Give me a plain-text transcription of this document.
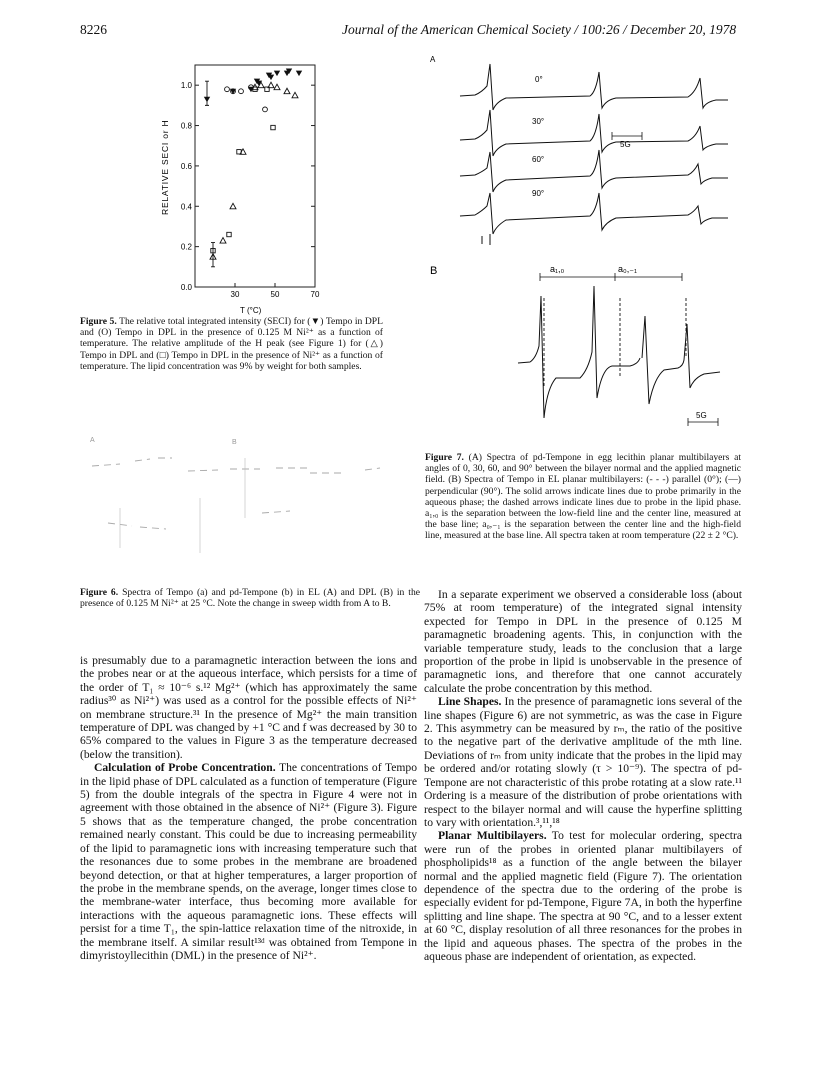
8226	Journal of the American Chemical Society / 100:26 / December 20, 1978
0.0
0.2
0.4
0.6
0.8
1.0
30	50	70
RELATIVE SECI or H
T (°C)
Figure 5. The relative total integrated intensity (SECI) for (▼) Tempo in DPL and (O) Tempo in DPL in the presence of 0.125 M Ni²⁺ as a function of temperature. The relative amplitude of the H peak (see Figure 1) for (△) Tempo in DPL and (□) Tempo in DPL in the presence of Ni²⁺ as a function of temperature. The lipid concentration was 9% by weight for both samples.
A	B
Figure 6. Spectra of Tempo (a) and pd-Tempone (b) in EL (A) and DPL (B) in the presence of 0.125 M Ni²⁺ at 25 °C. Note the change in sweep width from A to B.
A
0°
30°
60°
90°
5G
B	a₁,₀	a₀,₋₁
5G
Figure 7. (A) Spectra of pd-Tempone in egg lecithin planar multibilayers at angles of 0, 30, 60, and 90° between the bilayer normal and the applied magnetic field. (B) Spectra of Tempo in EL planar multibilayers: (- - -) parallel (0°); (—) perpendicular (90°). The solid arrows indicate lines due to probe primarily in the aqueous phase; the dashed arrows indicate lines due to probe in the lipid phase. a₁,₀ is the separation between the low-field line and the center line, measured at the base line; a₀,₋₁ is the separation between the center line and the high-field line, measured at the base line. All spectra taken at room temperature (22 ± 2 °C).

is presumably due to a paramagnetic interaction between the ions and the probes near or at the aqueous interface, which persists for a time of the order of T₁ ≈ 10⁻⁶ s.¹² Mg²⁺ (which has approximately the same radius³⁰ as Ni²⁺) was used as a control for the possible effects of Ni²⁺ on membrane structure.³¹ In the presence of Mg²⁺ the main transition temperature of DPL was changed by +1 °C and f was decreased by 30 to 65% compared to the values in Figure 3 as the temperature decreased (below the transition).

Calculation of Probe Concentration. The concentrations of Tempo in the lipid phase of DPL calculated as a function of temperature (Figure 5) from the double integrals of the spectra in Figure 4 were not in agreement with those obtained in the absence of Ni²⁺ (Figure 3). Figure 5 shows that as the temperature changed, the probe concentration remained nearly constant. This could be due to increasing permeability of the lipid to paramagnetic ions with increasing temperature such that the resonances due to some probes in the membrane are broadened beyond detection, or that at higher temperatures, a larger proportion of the probe in the membrane spends, on the average, longer times close to the membrane-water interface, thus becoming more available for interactions with the aqueous paramagnetic ions. These effects will persist for a time T₁, the spin-lattice relaxation time of the nitroxide, in the membrane itself. A similar result¹³ᵈ was obtained from Tempone in dimyristoyllecithin (DML) in the presence of Ni²⁺.

In a separate experiment we observed a considerable loss (about 75% at room temperature) of the integrated signal intensity expected for Tempo in DPL in the presence of 0.125 M paramagnetic broadening agents. This, in conjunction with the variable temperature study, leads to the conclusion that a large proportion of the probe in lipid is unobservable in the presence of paramagnetic ions, and therefore that one cannot accurately calculate the probe concentration by this method.

Line Shapes. In the presence of paramagnetic ions several of the line shapes (Figure 6) are not symmetric, as was the case in Figure 2. This asymmetry can be measured by rₘ, the ratio of the positive to the negative part of the derivative amplitude of the mth line. Deviations of rₘ from unity indicate that the probes in the lipid may be ordered and/or rotating slowly (τ > 10⁻⁹). The spectra of pd-Tempone are not characteristic of this probe rotating at a slow rate.¹¹ Ordering is a measure of the distribution of probe orientations with respect to the bilayer normal and will cause the hyperfine splitting to vary with orientation.³,¹¹,¹⁸

Planar Multibilayers. To test for molecular ordering, spectra were run of the probes in oriented planar multibilayers of phospholipids¹⁸ as a function of the angle between the bilayer normal and the applied magnetic field (Figure 7). The orientation dependence of the spectra due to the ordering of the probe is especially evident for pd-Tempone, Figure 7A, in both the hyperfine splitting and line shape. The spectra at 90 °C, and to a lesser extent at 60 °C, display resolution of all three resonances for the probes in the lipid and aqueous phases. The spectra of the probes in the aqueous phase are independent of orientation, as expected.
